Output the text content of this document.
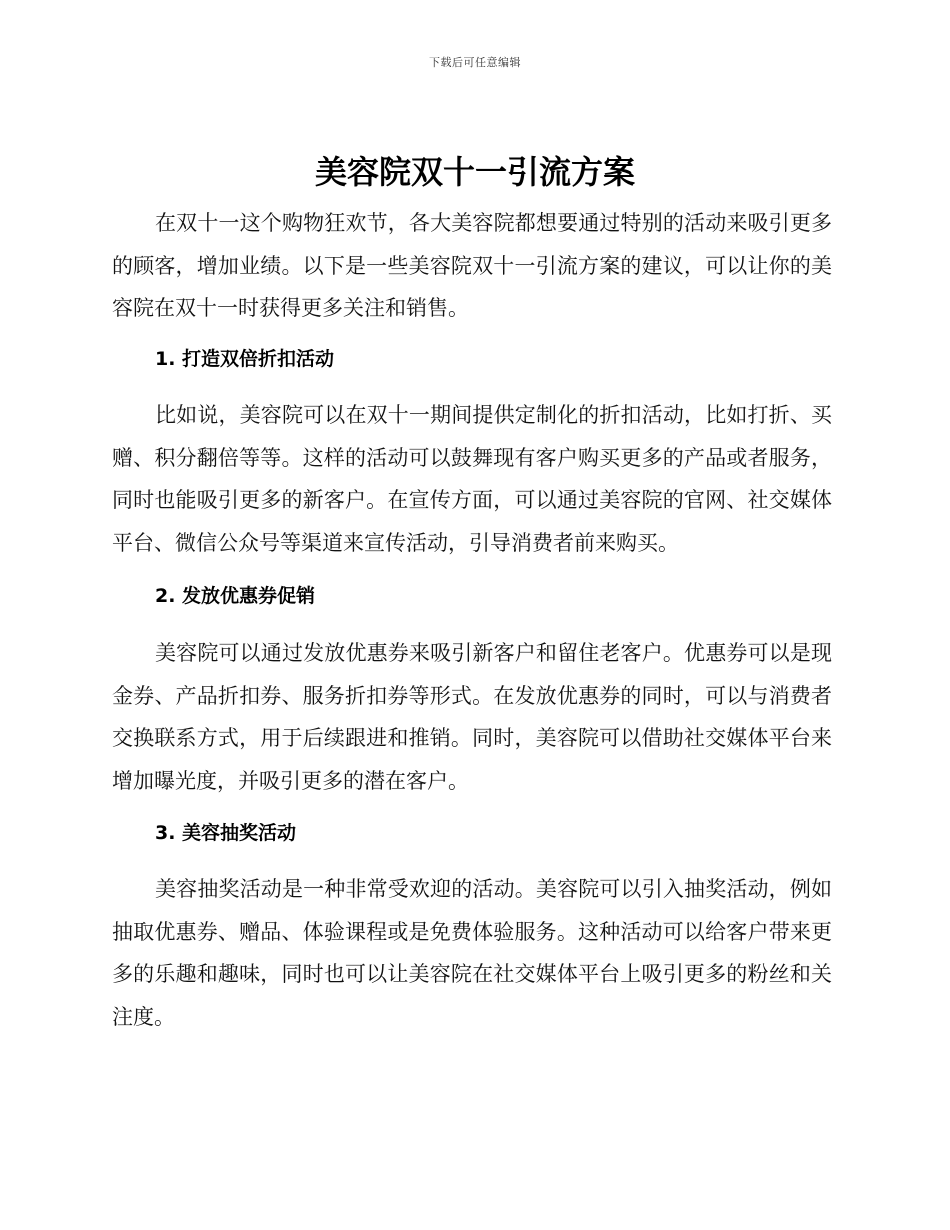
下载后可任意编辑
美容院双十一引流方案

在双十一这个购物狂欢节，各大美容院都想要通过特别的活动来吸引更多的顾客，增加业绩。以下是一些美容院双十一引流方案的建议，可以让你的美容院在双十一时获得更多关注和销售。

1. 打造双倍折扣活动

比如说，美容院可以在双十一期间提供定制化的折扣活动，比如打折、买赠、积分翻倍等等。这样的活动可以鼓舞现有客户购买更多的产品或者服务，同时也能吸引更多的新客户。在宣传方面，可以通过美容院的官网、社交媒体平台、微信公众号等渠道来宣传活动，引导消费者前来购买。

2. 发放优惠券促销

美容院可以通过发放优惠券来吸引新客户和留住老客户。优惠券可以是现金券、产品折扣券、服务折扣券等形式。在发放优惠券的同时，可以与消费者交换联系方式，用于后续跟进和推销。同时，美容院可以借助社交媒体平台来增加曝光度，并吸引更多的潜在客户。

3. 美容抽奖活动

美容抽奖活动是一种非常受欢迎的活动。美容院可以引入抽奖活动，例如抽取优惠券、赠品、体验课程或是免费体验服务。这种活动可以给客户带来更多的乐趣和趣味，同时也可以让美容院在社交媒体平台上吸引更多的粉丝和关注度。
